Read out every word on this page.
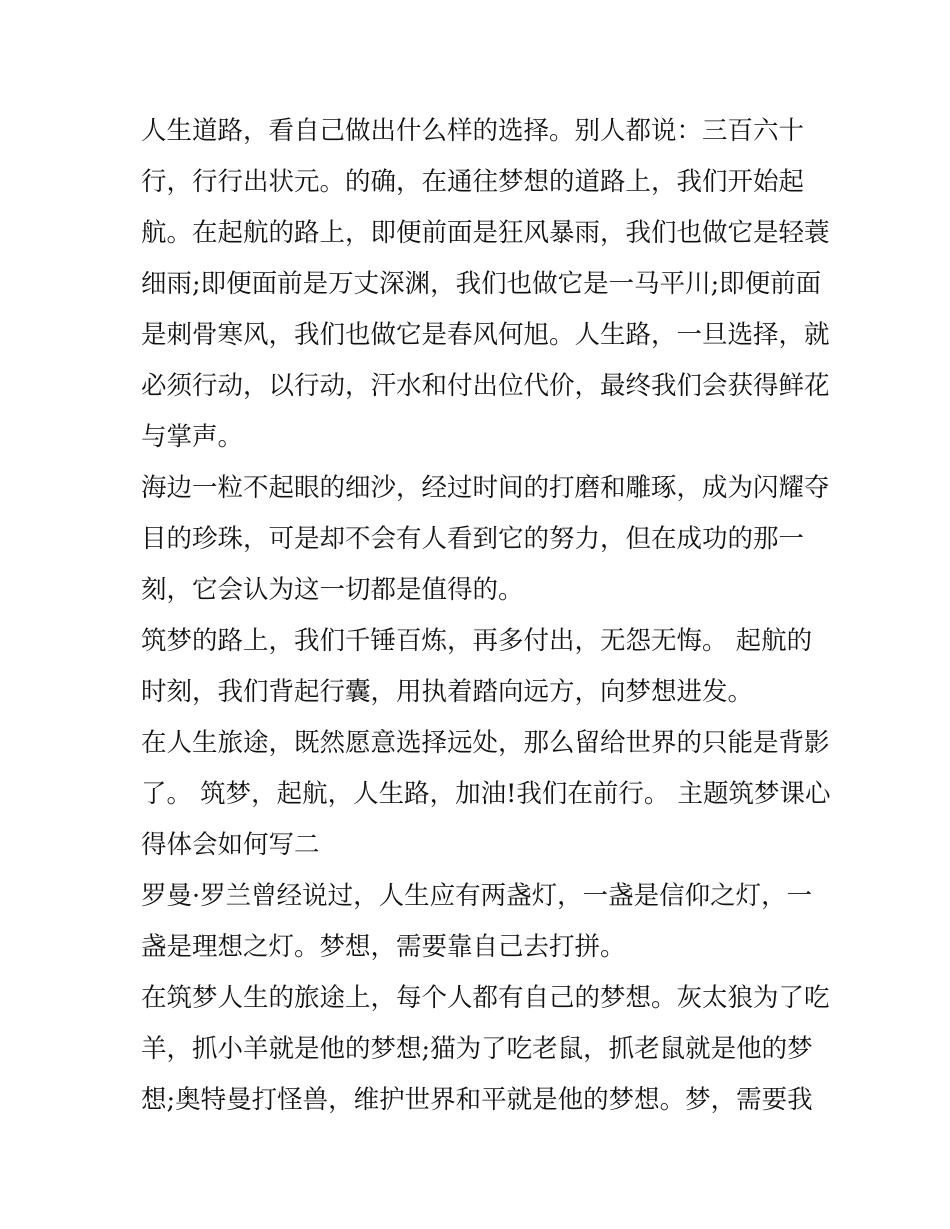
人生道路，看自己做出什么样的选择。别人都说：三百六十
行，行行出状元。的确，在通往梦想的道路上，我们开始起
航。在起航的路上，即便前面是狂风暴雨，我们也做它是轻蓑
细雨;即便面前是万丈深渊，我们也做它是一马平川;即便前面
是刺骨寒风，我们也做它是春风何旭。人生路，一旦选择，就
必须行动，以行动，汗水和付出位代价，最终我们会获得鲜花
与掌声。
海边一粒不起眼的细沙，经过时间的打磨和雕琢，成为闪耀夺
目的珍珠，可是却不会有人看到它的努力，但在成功的那一
刻，它会认为这一切都是值得的。
筑梦的路上，我们千锤百炼，再多付出，无怨无悔。 起航的
时刻，我们背起行囊，用执着踏向远方，向梦想进发。
在人生旅途，既然愿意选择远处，那么留给世界的只能是背影
了。 筑梦，起航，人生路，加油!我们在前行。 主题筑梦课心
得体会如何写二
罗曼·罗兰曾经说过，人生应有两盏灯，一盏是信仰之灯，一
盏是理想之灯。梦想，需要靠自己去打拼。
在筑梦人生的旅途上，每个人都有自己的梦想。灰太狼为了吃
羊，抓小羊就是他的梦想;猫为了吃老鼠，抓老鼠就是他的梦
想;奥特曼打怪兽，维护世界和平就是他的梦想。梦，需要我
